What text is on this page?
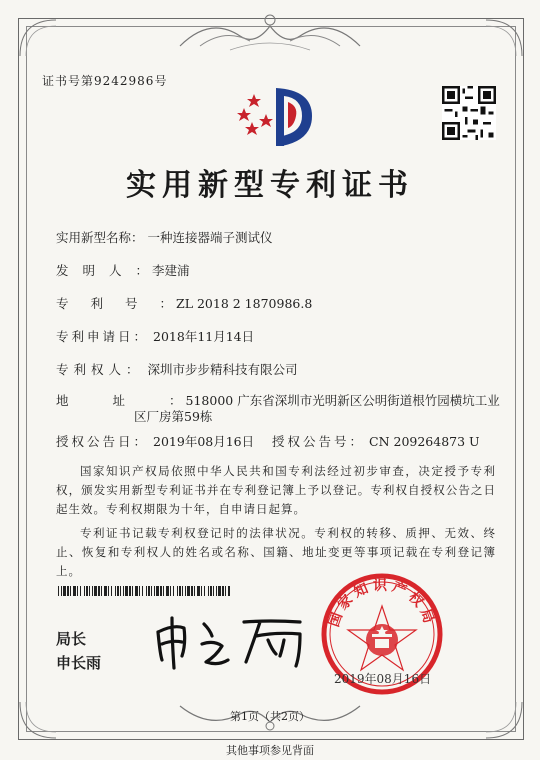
证书号第9242986号
实用新型专利证书
实用新型名称： 一种连接器端子测试仪
发明人：李建浦
专利号：ZL 2018 2 1870986.8
专利申请日： 2018年11月14日
专利权人： 深圳市步步精科技有限公司
地址：518000 广东省深圳市光明新区公明街道根竹园横坑工业
区厂房第59栋
授权公告日： 2019年08月16日 授权公告号： CN 209264873 U
国家知识产权局依照中华人民共和国专利法经过初步审查，决定授予专利权，颁发实用新型专利证书并在专利登记簿上予以登记。专利权自授权公告之日起生效。专利权期限为十年，自申请日起算。
专利证书记载专利权登记时的法律状况。专利权的转移、质押、无效、终止、恢复和专利权人的姓名或名称、国籍、地址变更等事项记载在专利登记簿上。
局长
申长雨
国家知识产权局
2019年08月16日
第1页（共2页）
其他事项参见背面
